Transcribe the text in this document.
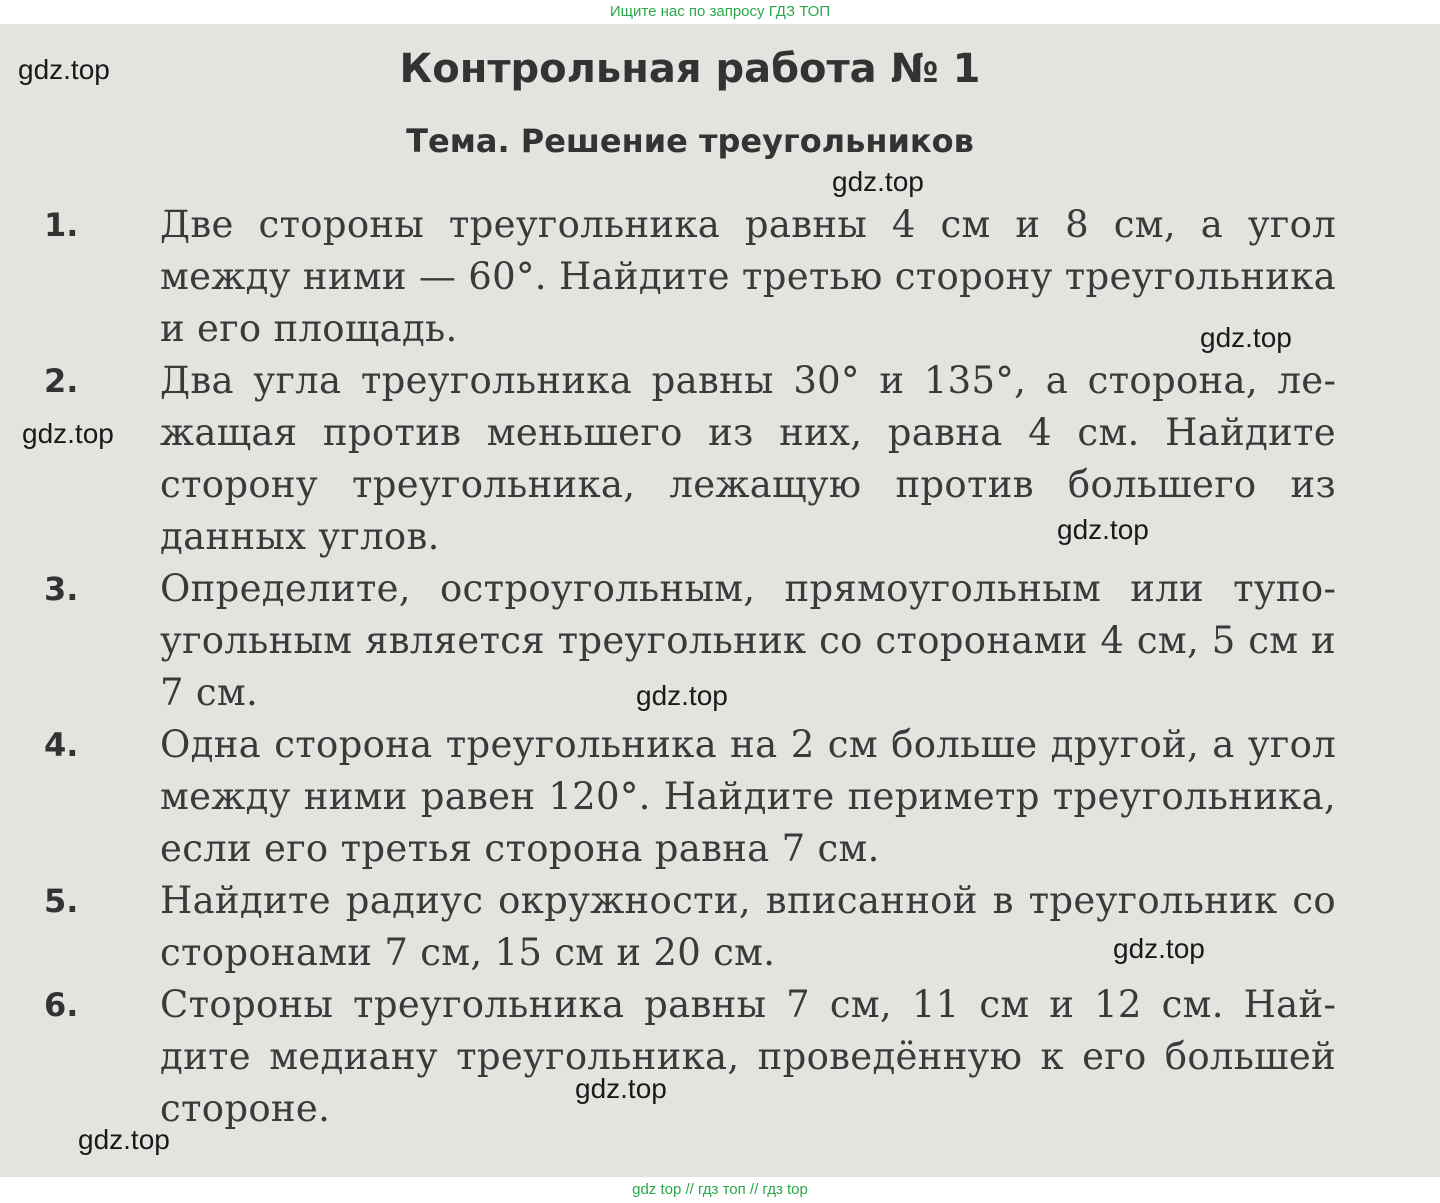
Ищите нас по запросу ГДЗ ТОП
Контрольная работа № 1
Тема. Решение треугольников
1. Две стороны треугольника равны 4 см и 8 см, а угол между ними — 60°. Найдите третью сторону треугольника и его площадь.
2. Два угла треугольника равны 30° и 135°, а сторона, лежащая против меньшего из них, равна 4 см. Найдите сторону треугольника, лежащую против большего из данных углов.
3. Определите, остроугольным, прямоугольным или тупоугольным является треугольник со сторонами 4 см, 5 см и 7 см.
4. Одна сторона треугольника на 2 см больше другой, а угол между ними равен 120°. Найдите периметр треугольника, если его третья сторона равна 7 см.
5. Найдите радиус окружности, вписанной в треугольник со сторонами 7 см, 15 см и 20 см.
6. Стороны треугольника равны 7 см, 11 см и 12 см. Найдите медиану треугольника, проведённую к его большей стороне.
gdz.top
gdz.top
gdz.top
gdz.top
gdz.top
gdz.top
gdz.top
gdz.top
gdz.top
gdz top // гдз топ // гдз top
